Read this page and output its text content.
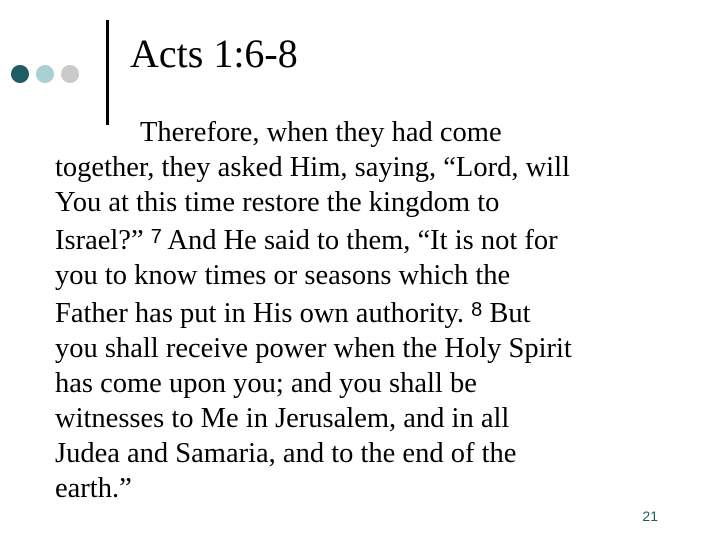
Acts 1:6-8

Therefore, when they had come
together, they asked Him, saying, “Lord, will
You at this time restore the kingdom to
Israel?” $^7$ And He said to them, “It is not for
you to know times or seasons which the
Father has put in His own authority. $^8$ But
you shall receive power when the Holy Spirit
has come upon you; and you shall be
witnesses to Me in Jerusalem, and in all
Judea and Samaria, and to the end of the
earth.”

21
